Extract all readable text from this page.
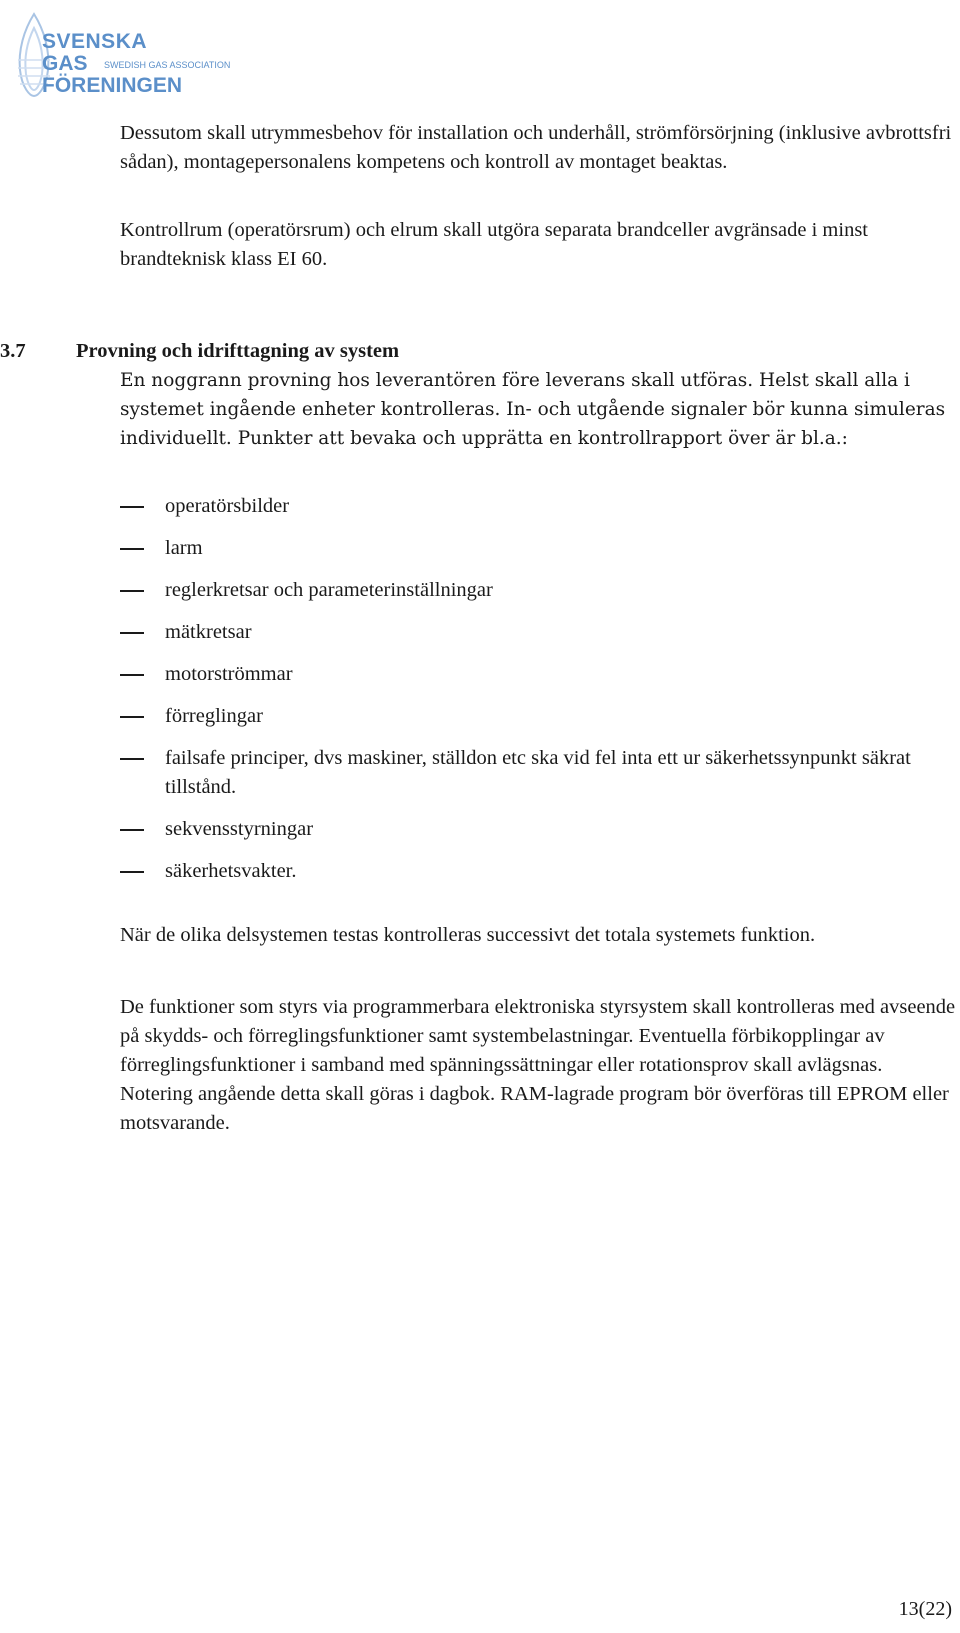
SVENSKA
GAS SWEDISH GAS ASSOCIATION
FÖRENINGEN

Dessutom skall utrymmesbehov för installation och underhåll, strömförsörjning (inklusive avbrottsfri sådan), montagepersonalens kompetens och kontroll av montaget beaktas.

Kontrollrum (operatörsrum) och elrum skall utgöra separata brandceller avgränsade i minst brandteknisk klass EI 60.

3.7 Provning och idrifttagning av system
En noggrann provning hos leverantören före leverans skall utföras. Helst skall alla i systemet ingående enheter kontrolleras. In- och utgående signaler bör kunna simuleras individuellt. Punkter att bevaka och upprätta en kontrollrapport över är bl.a.:
operatörsbilder
larm
reglerkretsar och parameterinställningar
mätkretsar
motorströmmar
förreglingar
failsafe principer, dvs maskiner, ställdon etc ska vid fel inta ett ur säkerhetssynpunkt säkrat tillstånd.
sekvensstyrningar
säkerhetsvakter.

När de olika delsystemen testas kontrolleras successivt det totala systemets funktion.

De funktioner som styrs via programmerbara elektroniska styrsystem skall kontrolleras med avseende på skydds- och förreglingsfunktioner samt systembelastningar. Eventuella förbikopplingar av förreglingsfunktioner i samband med spänningssättningar eller rotationsprov skall avlägsnas. Notering angående detta skall göras i dagbok. RAM-lagrade program bör överföras till EPROM eller motsvarande.

13(22)
